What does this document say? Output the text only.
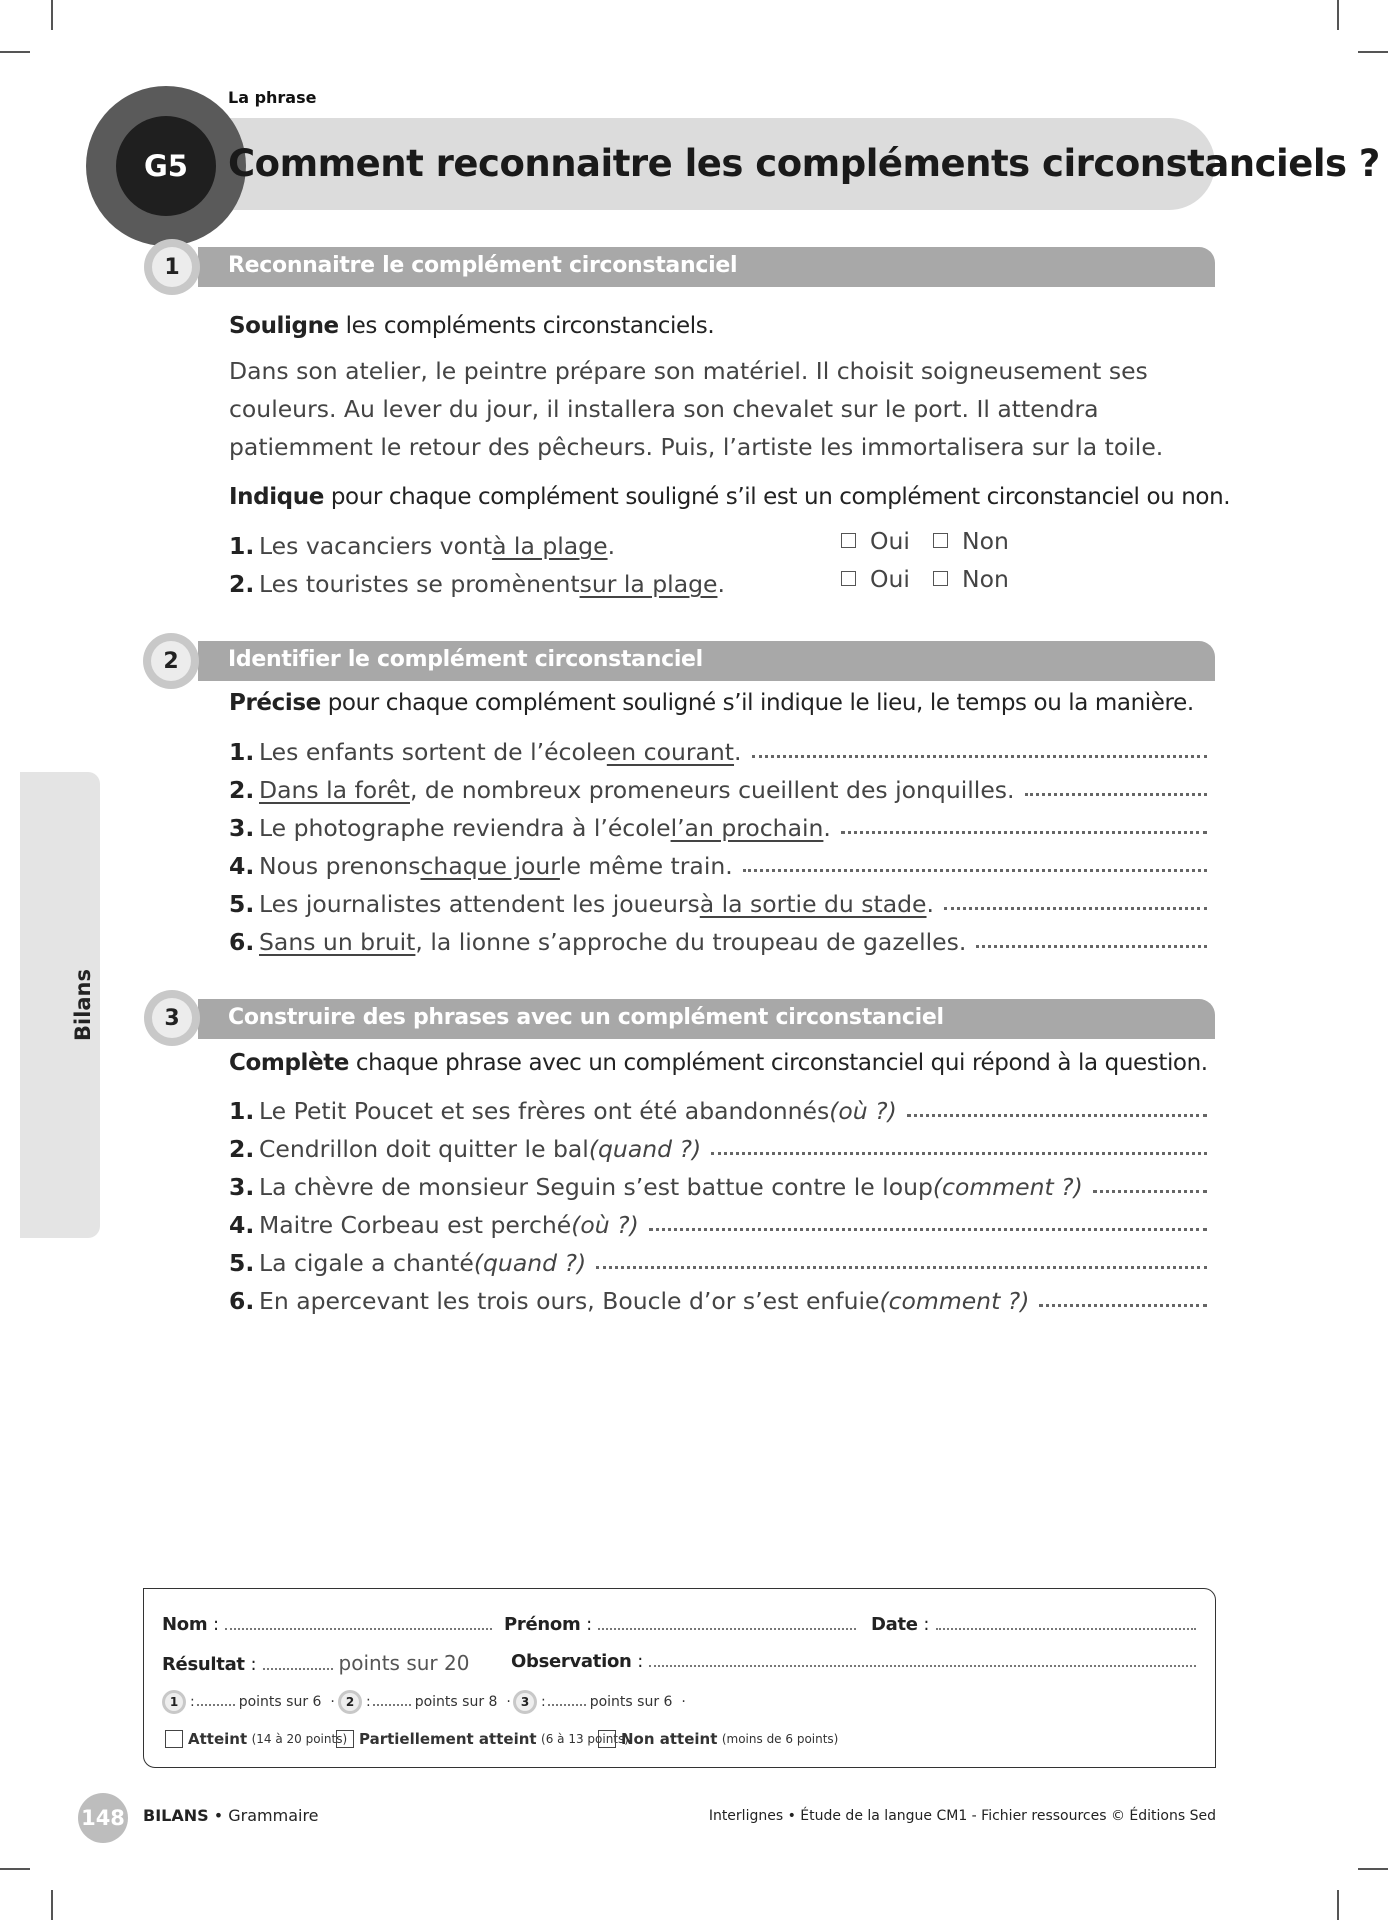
G5
La phrase
Comment reconnaitre les compléments circonstanciels ?
Bilans
Reconnaitre le complément circonstanciel
1
Souligne les compléments circonstanciels.
Dans son atelier, le peintre prépare son matériel. Il choisit soigneusement ses couleurs. Au lever du jour, il installera son chevalet sur le port. Il attendra patiemment le retour des pêcheurs. Puis, l’artiste les immortalisera sur la toile.
Indique pour chaque complément souligné s’il est un complément circonstanciel ou non.
1. Les vacanciers vont à la plage .	Oui	Non
2. Les touristes se promènent sur la plage .	Oui	Non
Identifier le complément circonstanciel
2
Précise pour chaque complément souligné s’il indique le lieu, le temps ou la manière.
1. Les enfants sortent de l’école en courant .
2. Dans la forêt , de nombreux promeneurs cueillent des jonquilles.
3. Le photographe reviendra à l’école l’an prochain .
4. Nous prenons chaque jour le même train.
5. Les journalistes attendent les joueurs à la sortie du stade .
6. Sans un bruit , la lionne s’approche du troupeau de gazelles.
Construire des phrases avec un complément circonstanciel
3
Complète chaque phrase avec un complément circonstanciel qui répond à la question.
1. Le Petit Poucet et ses frères ont été abandonnés (où ?)
2. Cendrillon doit quitter le bal (quand ?)
3. La chèvre de monsieur Seguin s’est battue contre le loup (comment ?)
4. Maitre Corbeau est perché (où ?)
5. La cigale a chanté (quand ?)
6. En apercevant les trois ours, Boucle d’or s’est enfuie (comment ?)
Nom :	Prénom :	Date :
Résultat :	points sur 20 Observation :
1 :	points sur 6 · 2 :	points sur 8 · 3 :	points sur 6 ·
Atteint
(14 à 20 points) Partiellement atteint
(6 à 13 points)
Non atteint
(moins de 6 points)
148 BILANS • Grammaire	Interlignes • Étude de la langue CM1 - Fichier ressources © Éditions Sed
